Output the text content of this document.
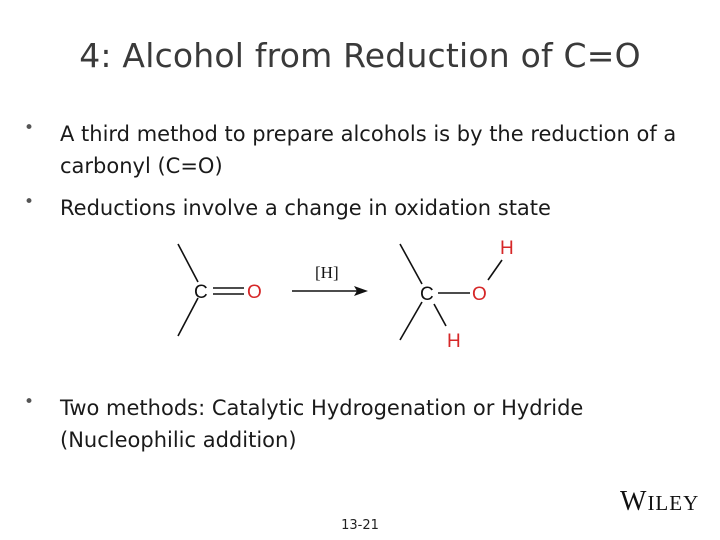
4: Alcohol from Reduction of C=O
• A third method to prepare alcohols is by the reduction of a carbonyl (C=O)
• Reductions involve a change in oxidation state
C O
[H]
C O
H
H
• Two methods: Catalytic Hydrogenation or Hydride (Nucleophilic addition)
WILEY
13-21
